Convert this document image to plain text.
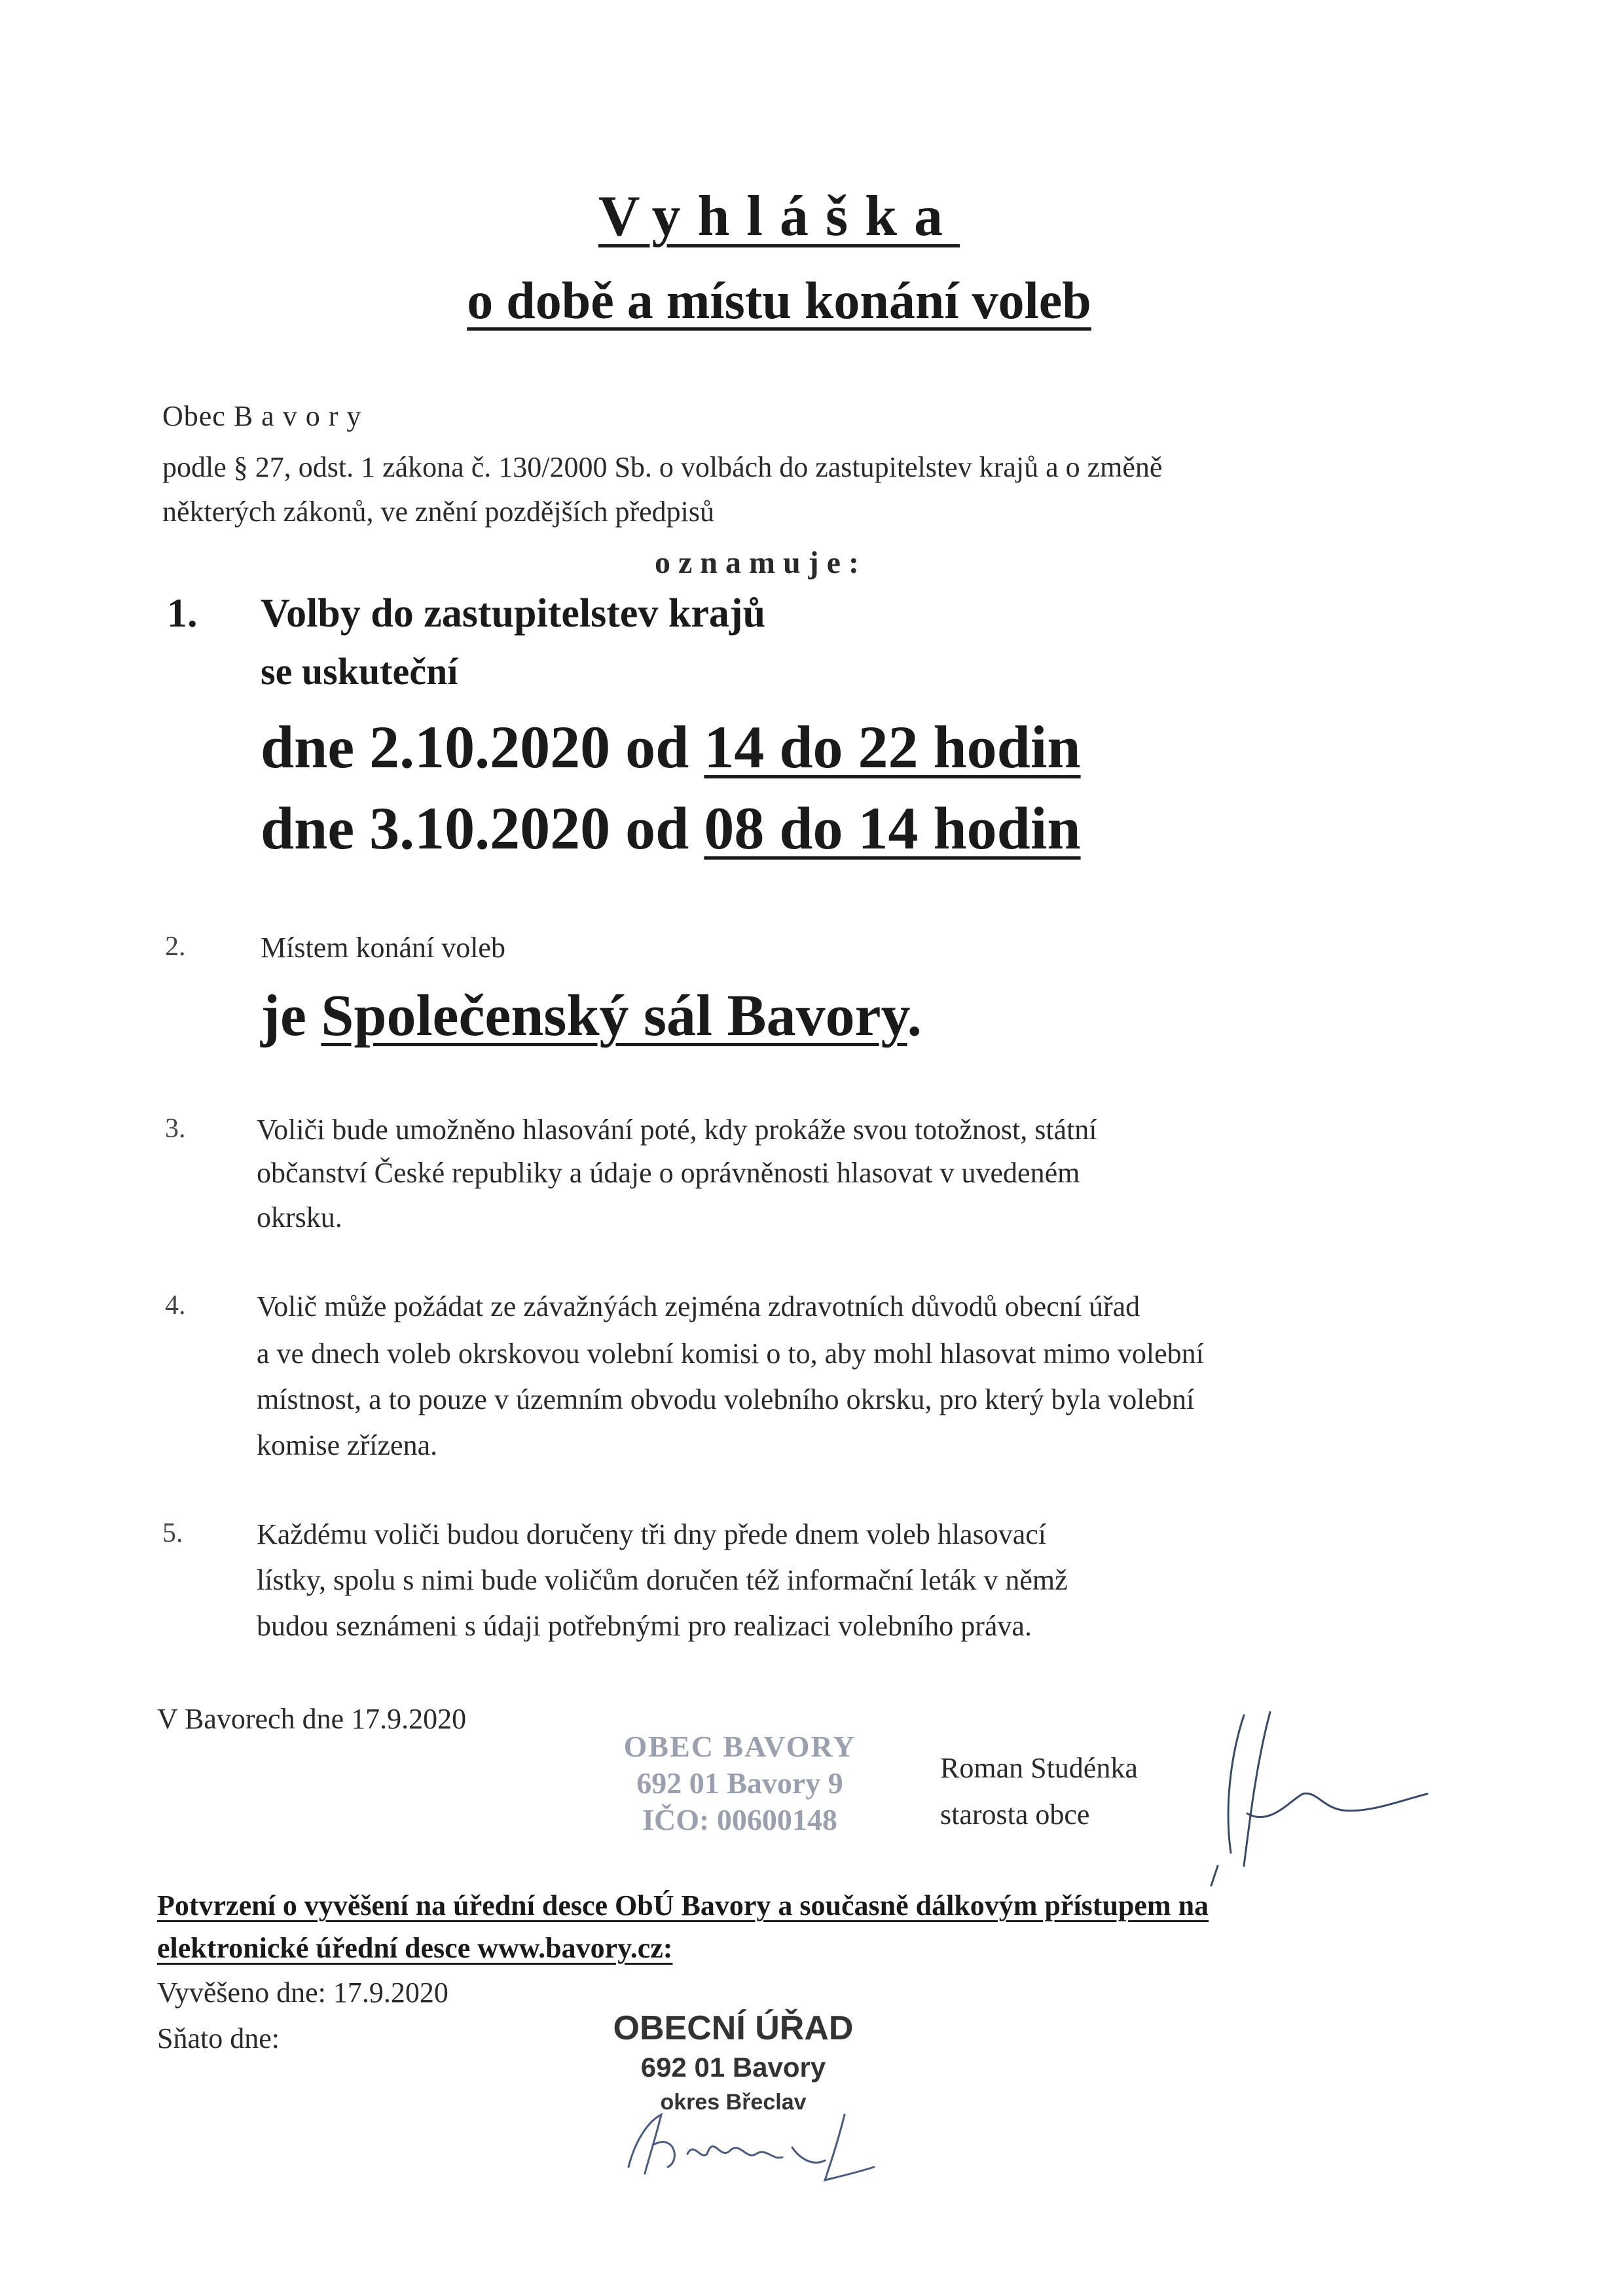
Vyhláška
o době a místu konání voleb
Obec B a v o r y
podle § 27, odst. 1 zákona č. 130/2000 Sb. o volbách do zastupitelstev krajů a o změně
některých zákonů, ve znění pozdějších předpisů
o z n a m u j e :
1. Volby do zastupitelstev krajů
se uskuteční
dne 2.10.2020 od 14 do 22 hodin
dne 3.10.2020 od 08 do 14 hodin
2.	Místem konání voleb
je Společenský sál Bavory.
3. Voliči bude umožněno hlasování poté, kdy prokáže svou totožnost, státní
občanství České republiky a údaje o oprávněnosti hlasovat v uvedeném
okrsku.
4. Volič může požádat ze závažnýách zejména zdravotních důvodů obecní úřad
a ve dnech voleb okrskovou volební komisi o to, aby mohl hlasovat mimo volební
místnost, a to pouze v územním obvodu volebního okrsku, pro který byla volební
komise zřízena.
5.	Každému voliči budou doručeny tři dny přede dnem voleb hlasovací
lístky, spolu s nimi bude voličům doručen též informační leták v němž
budou seznámeni s údaji potřebnými pro realizaci volebního práva.
V Bavorech dne 17.9.2020
OBEC BAVORY
692 01 Bavory 9
IČO: 00600148
Roman Studénka
starosta obce
Potvrzení o vyvěšení na úřední desce ObÚ Bavory a současně dálkovým přístupem na
elektronické úřední desce www.bavory.cz:
Vyvěšeno dne: 17.9.2020
Sňato dne:	OBECNÍ ÚŘAD
692 01 Bavory
okres Břeclav
